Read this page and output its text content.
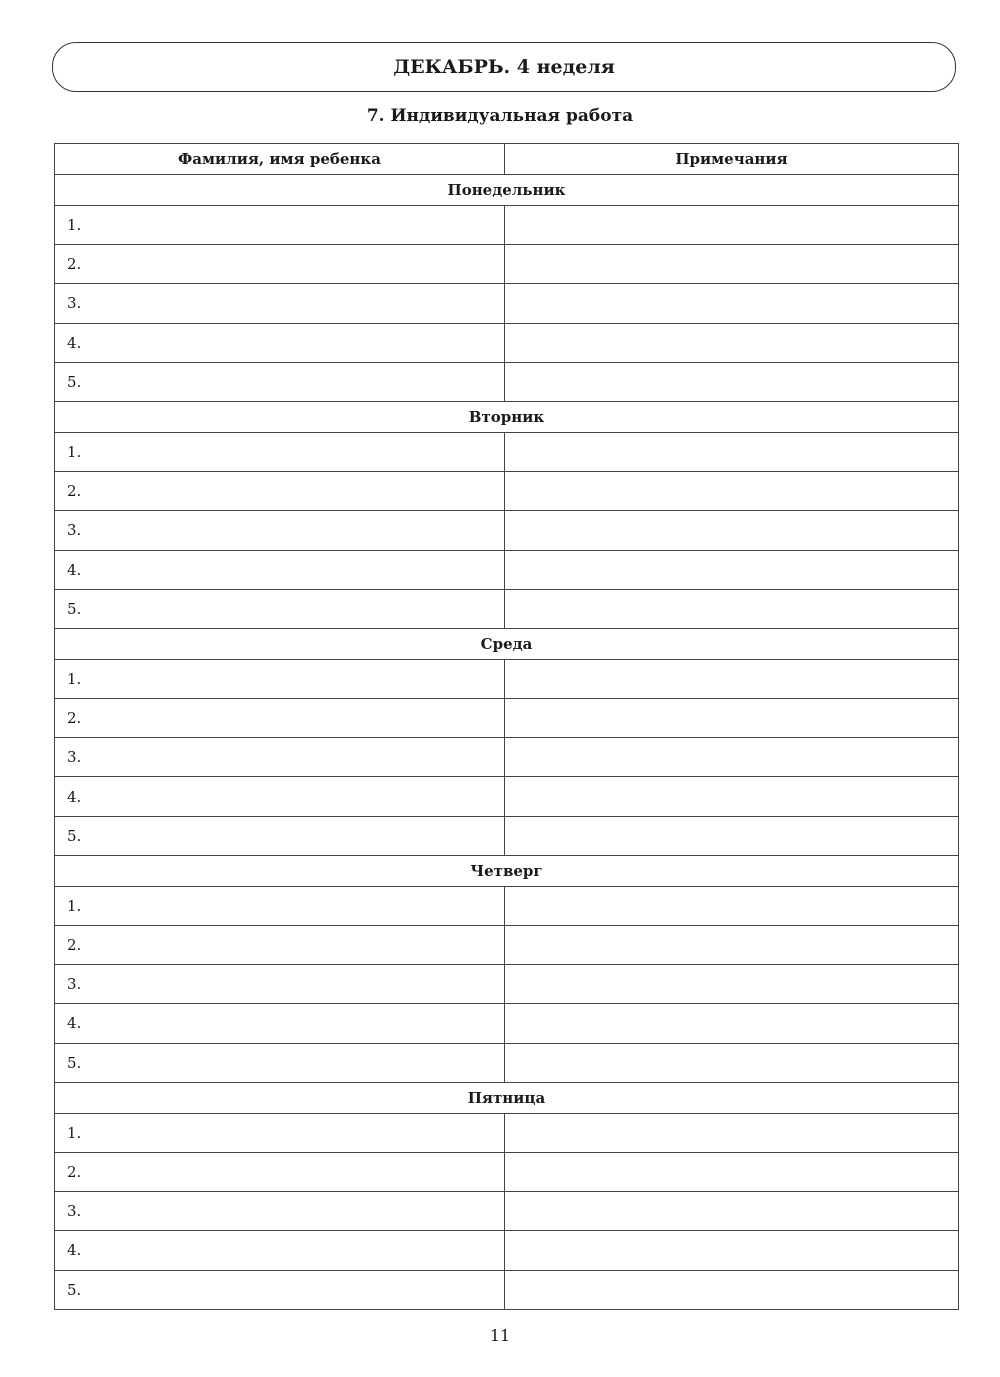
ДЕКАБРЬ. 4 неделя
7. Индивидуальная работа
Фамилия, имя ребенка	Примечания
Понедельник	
1.	
2.	
3.	
4.	
5.	
Вторник	
1.	
2.	
3.	
4.	
5.	
Среда	
1.	
2.	
3.	
4.	
5.	
Четверг	
1.	
2.	
3.	
4.	
5.	
Пятница	
1.	
2.	
3.	
4.	
5.	
11
